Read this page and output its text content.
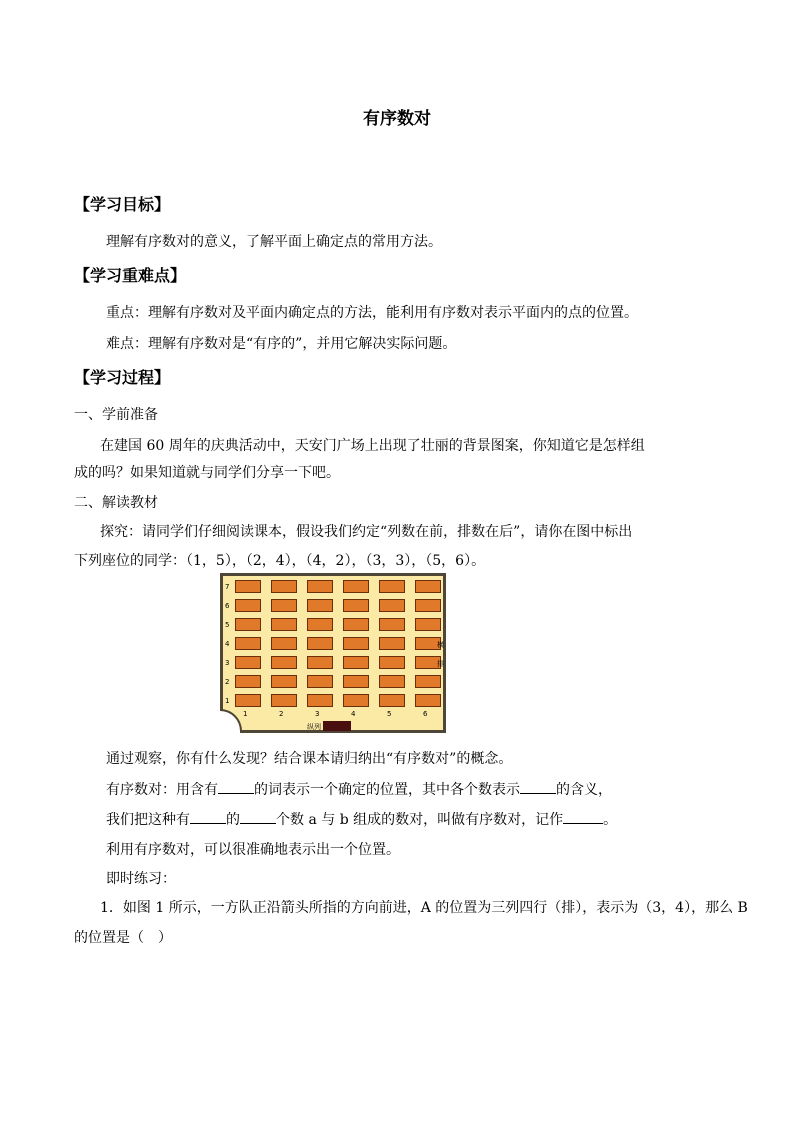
有序数对
【学习目标】
理解有序数对的意义，了解平面上确定点的常用方法。
【学习重难点】
重点：理解有序数对及平面内确定点的方法，能利用有序数对表示平面内的点的位置。
难点：理解有序数对是“有序的”，并用它解决实际问题。
【学习过程】
一、学前准备
在建国 60 周年的庆典活动中，天安门广场上出现了壮丽的背景图案，你知道它是怎样组
成的吗？如果知道就与同学们分享一下吧。
二、解读教材
探究：请同学们仔细阅读课本，假设我们约定“列数在前，排数在后”，请你在图中标出
下列座位的同学：（1，5），（2，4），（4，2），（3，3），（5，6）。
7
6
5
4
3
2
1
1	2	3	4	5	6
横
排
纵列
通过观察，你有什么发现？结合课本请归纳出“有序数对”的概念。
有序数对：用含有	的词表示一个确定的位置，其中各个数表示	的含义，
我们把这种有	的	个数 a 与 b 组成的数对，叫做有序数对，记作	。
利用有序数对，可以很准确地表示出一个位置。
即时练习：
1．如图 1 所示，一方队正沿箭头所指的方向前进，A 的位置为三列四行（排），表示为（3，4），那么 B
的位置是（　）
